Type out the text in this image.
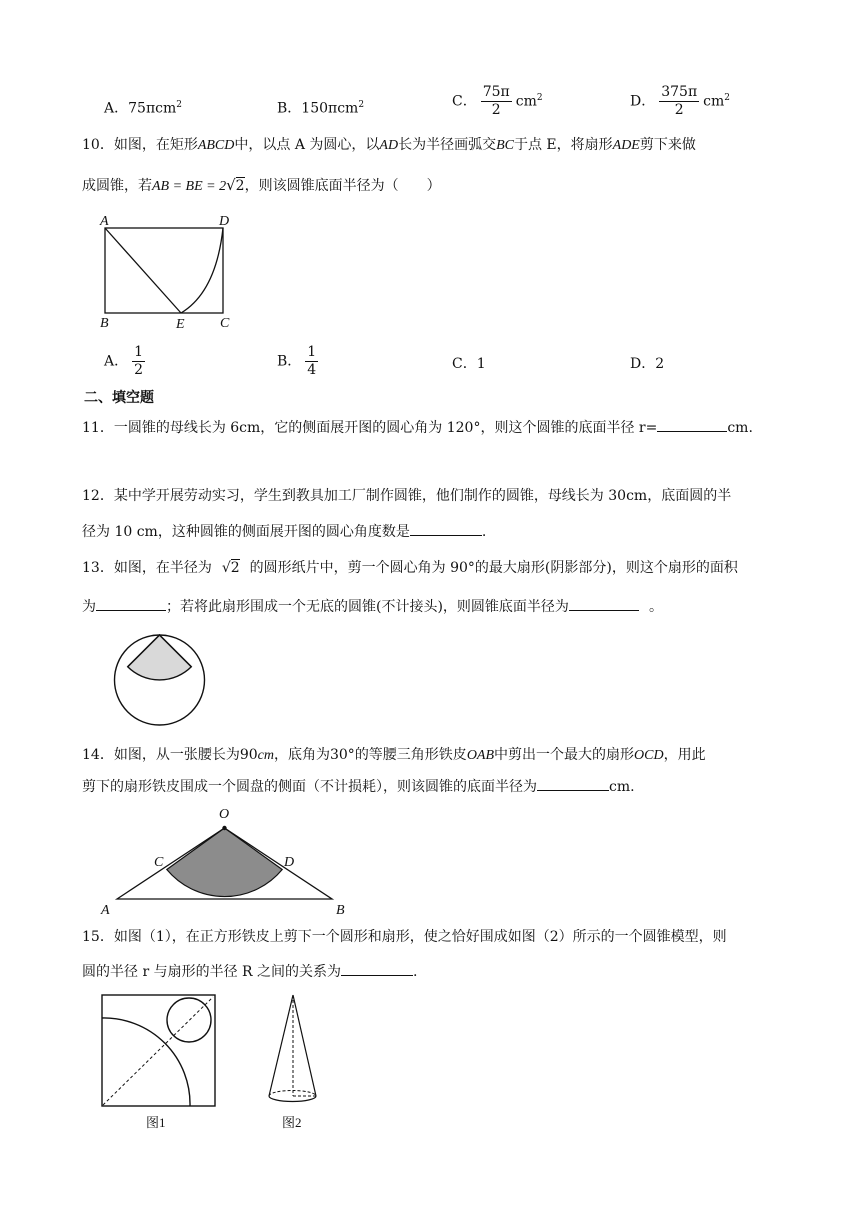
A．75πcm$^2$	B．150πcm$^2$	C． $\frac{75\pi}{2} cm^2$	D． $\frac{375\pi}{2} cm^2$
10．如图，在矩形ABCD中，以点 A 为圆心，以AD长为半径画弧交BC于点 E，将扇形ADE剪下来做
成圆锥，若AB = BE = 2√2，则该圆锥底面半径为（　　）
A	D
B	E	C
A． $\frac{1}{2}$	B． $\frac{1}{4}$	C．1	D．2
二、填空题
11．一圆锥的母线长为 6cm，它的侧面展开图的圆心角为 120°，则这个圆锥的底面半径 r=	cm.
12．某中学开展劳动实习，学生到教具加工厂制作圆锥，他们制作的圆锥，母线长为 30cm，底面圆的半
径为 10 cm，这种圆锥的侧面展开图的圆心角度数是	.
13．如图，在半径为 √2 的圆形纸片中，剪一个圆心角为 90°的最大扇形(阴影部分)，则这个扇形的面积
为	；若将此扇形围成一个无底的圆锥(不计接头)，则圆锥底面半径为	。
14．如图，从一张腰长为90cm，底角为30°的等腰三角形铁皮OAB中剪出一个最大的扇形OCD，用此
剪下的扇形铁皮围成一个圆盘的侧面（不计损耗），则该圆锥的底面半径为	cm.
O
C	D
A	B
15．如图（1），在正方形铁皮上剪下一个圆形和扇形，使之恰好围成如图（2）所示的一个圆锥模型，则
圆的半径 r 与扇形的半径 R 之间的关系为	.
图1	图2
